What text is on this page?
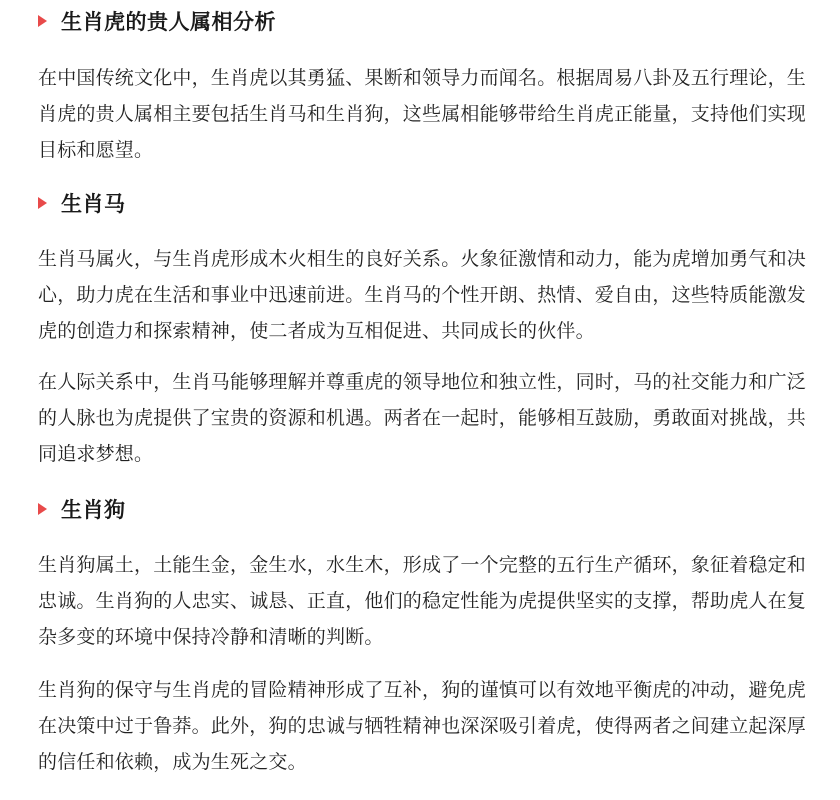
生肖虎的贵人属相分析

在中国传统文化中，生肖虎以其勇猛、果断和领导力而闻名。根据周易八卦及五行理论，生肖虎的贵人属相主要包括生肖马和生肖狗，这些属相能够带给生肖虎正能量，支持他们实现目标和愿望。

生肖马

生肖马属火，与生肖虎形成木火相生的良好关系。火象征激情和动力，能为虎增加勇气和决心，助力虎在生活和事业中迅速前进。生肖马的个性开朗、热情、爱自由，这些特质能激发虎的创造力和探索精神，使二者成为互相促进、共同成长的伙伴。

在人际关系中，生肖马能够理解并尊重虎的领导地位和独立性，同时，马的社交能力和广泛的人脉也为虎提供了宝贵的资源和机遇。两者在一起时，能够相互鼓励，勇敢面对挑战，共同追求梦想。

生肖狗

生肖狗属土，土能生金，金生水，水生木，形成了一个完整的五行生产循环，象征着稳定和忠诚。生肖狗的人忠实、诚恳、正直，他们的稳定性能为虎提供坚实的支撑，帮助虎人在复杂多变的环境中保持冷静和清晰的判断。

生肖狗的保守与生肖虎的冒险精神形成了互补，狗的谨慎可以有效地平衡虎的冲动，避免虎在决策中过于鲁莽。此外，狗的忠诚与牺牲精神也深深吸引着虎，使得两者之间建立起深厚的信任和依赖，成为生死之交。
